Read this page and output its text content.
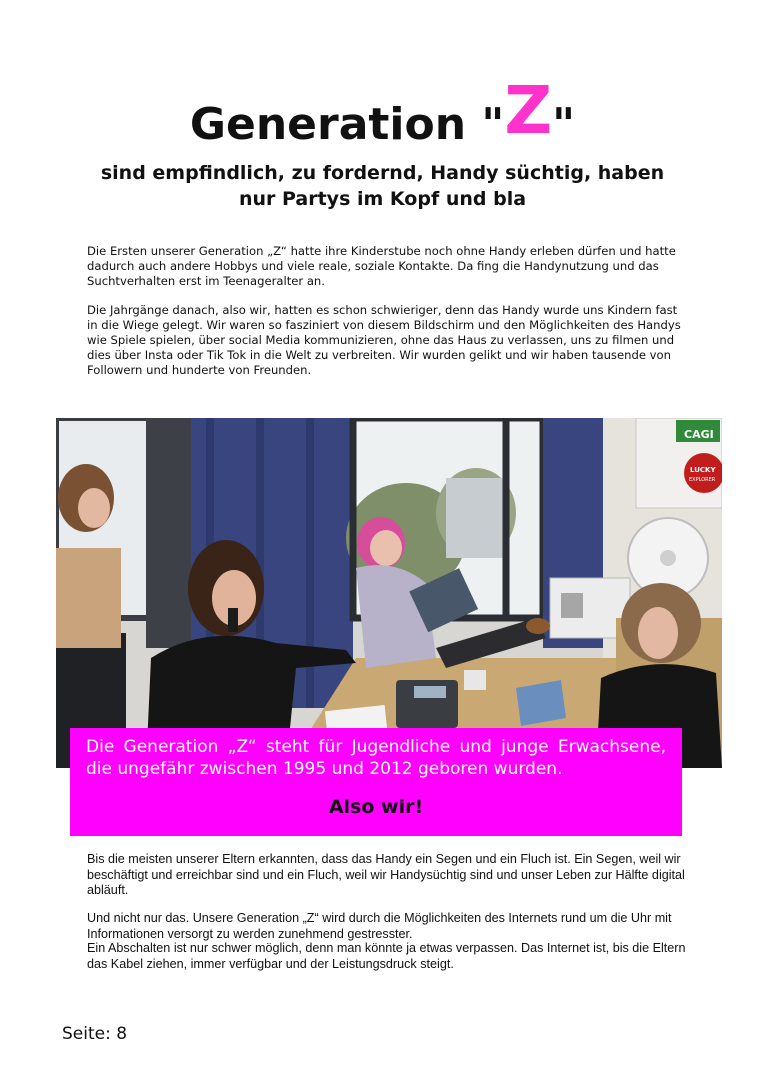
Generation "Z"
sind empfindlich, zu fordernd, Handy süchtig, haben nur Partys im Kopf und bla

Die Ersten unserer Generation „Z“ hatte ihre Kinderstube noch ohne Handy erleben dürfen und hatte dadurch auch andere Hobbys und viele reale, soziale Kontakte. Da fing die Handynutzung und das Suchtverhalten erst im Teenageralter an.

Die Jahrgänge danach, also wir, hatten es schon schwieriger, denn das Handy wurde uns Kindern fast in die Wiege gelegt. Wir waren so fasziniert von diesem Bildschirm und den Möglichkeiten des Handys wie Spiele spielen, über social Media kommunizieren, ohne das Haus zu verlassen, uns zu filmen und dies über Insta oder Tik Tok in die Welt zu verbreiten. Wir wurden gelikt und wir haben tausende von Followern und hunderte von Freunden.

CAGI
LUCKY
EXPLORER
Die Generation „Z“ steht für Jugendliche und junge Erwachsene, die ungefähr zwischen 1995 und 2012 geboren wurden.
Also wir!

Bis die meisten unserer Eltern erkannten, dass das Handy ein Segen und ein Fluch ist. Ein Segen, weil wir beschäftigt und erreichbar sind und ein Fluch, weil wir Handysüchtig sind und unser Leben zur Hälfte digital abläuft.

Und nicht nur das. Unsere Generation „Z“ wird durch die Möglichkeiten des Internets rund um die Uhr mit Informationen versorgt zu werden zunehmend gestresster.

Ein Abschalten ist nur schwer möglich, denn man könnte ja etwas verpassen. Das Internet ist, bis die Eltern das Kabel ziehen, immer verfügbar und der Leistungsdruck steigt.

Seite: 8
